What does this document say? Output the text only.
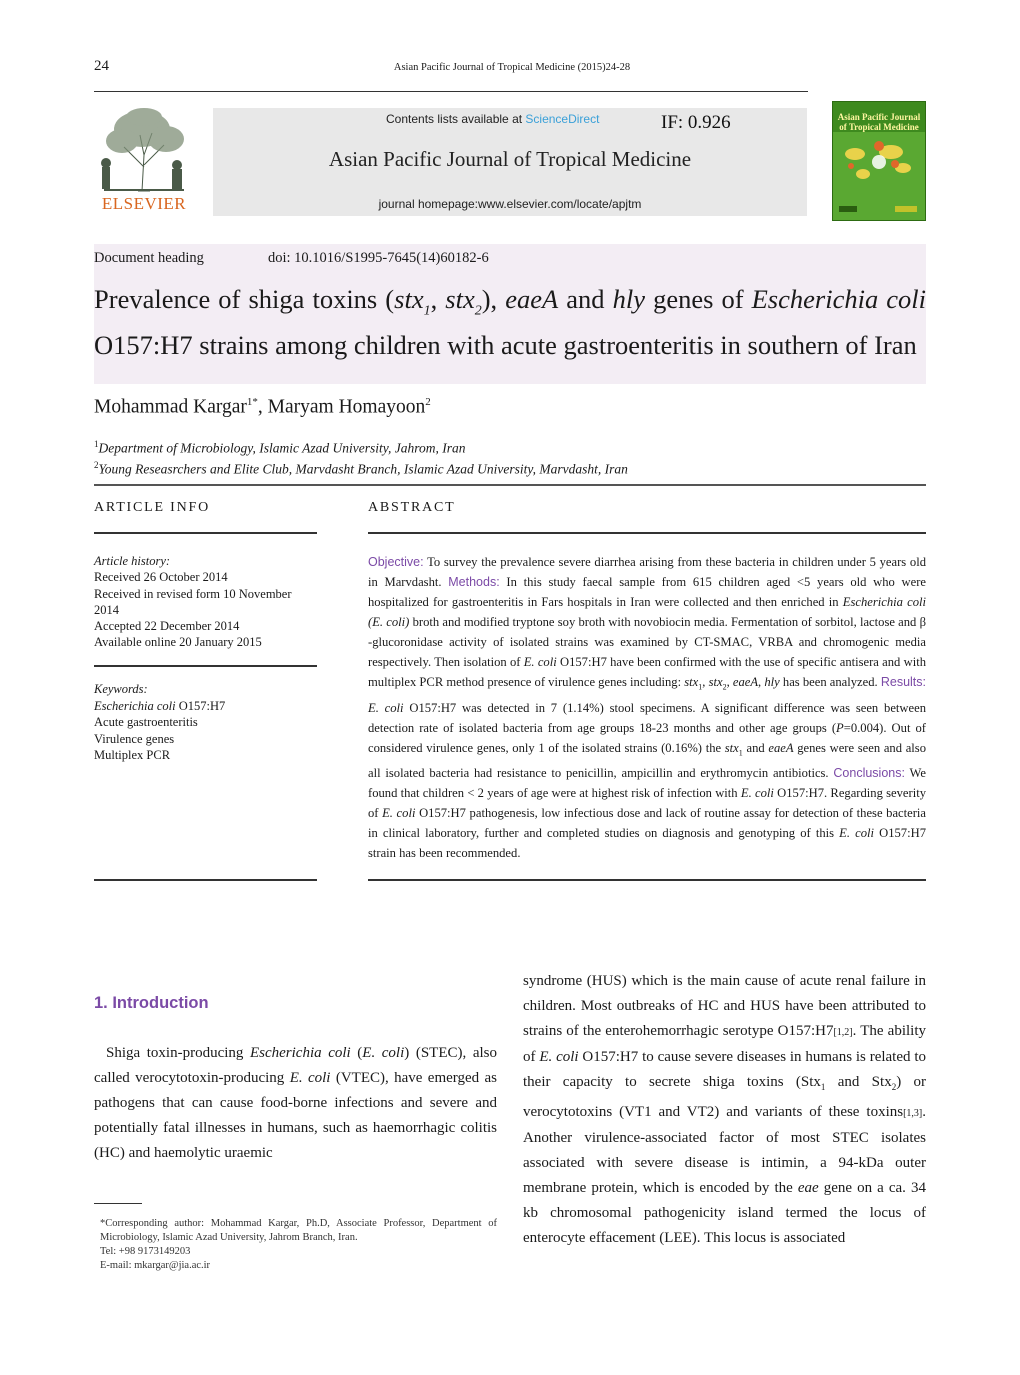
24	Asian Pacific Journal of Tropical Medicine (2015)24-28
ELSEVIER
Contents lists available at ScienceDirect	IF: 0.926
Asian Pacific Journal of Tropical Medicine
journal homepage:www.elsevier.com/locate/apjtm
Asian Pacific Journal of Tropical Medicine
Document heading	doi: 10.1016/S1995-7645(14)60182-6
Prevalence of shiga toxins (stx$_1$, stx$_2$), eaeA and hly genes of Escherichia coli
O157:H7 strains among children with acute gastroenteritis in southern of Iran
Mohammad Kargar$^{1*}$, Maryam Homayoon$^2$
$^1$Department of Microbiology, Islamic Azad University, Jahrom, Iran
$^2$Young Reseasrchers and Elite Club, Marvdasht Branch, Islamic Azad University, Marvdasht, Iran
ARTICLE INFO	ABSTRACT
Article history:
Received 26 October 2014
Received in revised form 10 November 2014
Accepted 22 December 2014
Available online 20 January 2015
Keywords:
Escherichia coli O157:H7
Acute gastroenteritis
Virulence genes
Multiplex PCR
Objective: To survey the prevalence severe diarrhea arising from these bacteria in children under 5 years old in Marvdasht. Methods: In this study faecal sample from 615 children aged <5 years old who were hospitalized for gastroenteritis in Fars hospitals in Iran were collected and then enriched in Escherichia coli (E. coli) broth and modified tryptone soy broth with novobiocin media. Fermentation of sorbitol, lactose and β -glucoronidase activity of isolated strains was examined by CT-SMAC, VRBA and chromogenic media respectively. Then isolation of E. coli O157:H7 have been confirmed with the use of specific antisera and with multiplex PCR method presence of virulence genes including: stx$_1$, stx$_2$, eaeA, hly has been analyzed. Results: E. coli O157:H7 was detected in 7 (1.14%) stool specimens. A significant difference was seen between detection rate of isolated bacteria from age groups 18-23 months and other age groups (P=0.004). Out of considered virulence genes, only 1 of the isolated strains (0.16%) the stx$_1$ and eaeA genes were seen and also all isolated bacteria had resistance to penicillin, ampicillin and erythromycin antibiotics. Conclusions: We found that children < 2 years of age were at highest risk of infection with E. coli O157:H7. Regarding severity of E. coli O157:H7 pathogenesis, low infectious dose and lack of routine assay for detection of these bacteria in clinical laboratory, further and completed studies on diagnosis and genotyping of this E. coli O157:H7 strain has been recommended.
1. Introduction
Shiga toxin-producing Escherichia coli (E. coli) (STEC), also called verocytotoxin-producing E. coli (VTEC), have emerged as pathogens that can cause food-borne infections and severe and potentially fatal illnesses in humans, such as haemorrhagic colitis (HC) and haemolytic uraemic
syndrome (HUS) which is the main cause of acute renal failure in children. Most outbreaks of HC and HUS have been attributed to strains of the enterohemorrhagic serotype O157:H7[1,2]. The ability of E. coli O157:H7 to cause severe diseases in humans is related to their capacity to secrete shiga toxins (Stx$_1$ and Stx$_2$) or verocytotoxins (VT1 and VT2) and variants of these toxins[1,3]. Another virulence-associated factor of most STEC isolates associated with severe disease is intimin, a 94-kDa outer membrane protein, which is encoded by the eae gene on a ca. 34 kb chromosomal pathogenicity island termed the locus of enterocyte effacement (LEE). This locus is associated
*Corresponding author: Mohammad Kargar, Ph.D, Associate Professor, Department of Microbiology, Islamic Azad University, Jahrom Branch, Iran.
Tel: +98 9173149203
E-mail: mkargar@jia.ac.ir
